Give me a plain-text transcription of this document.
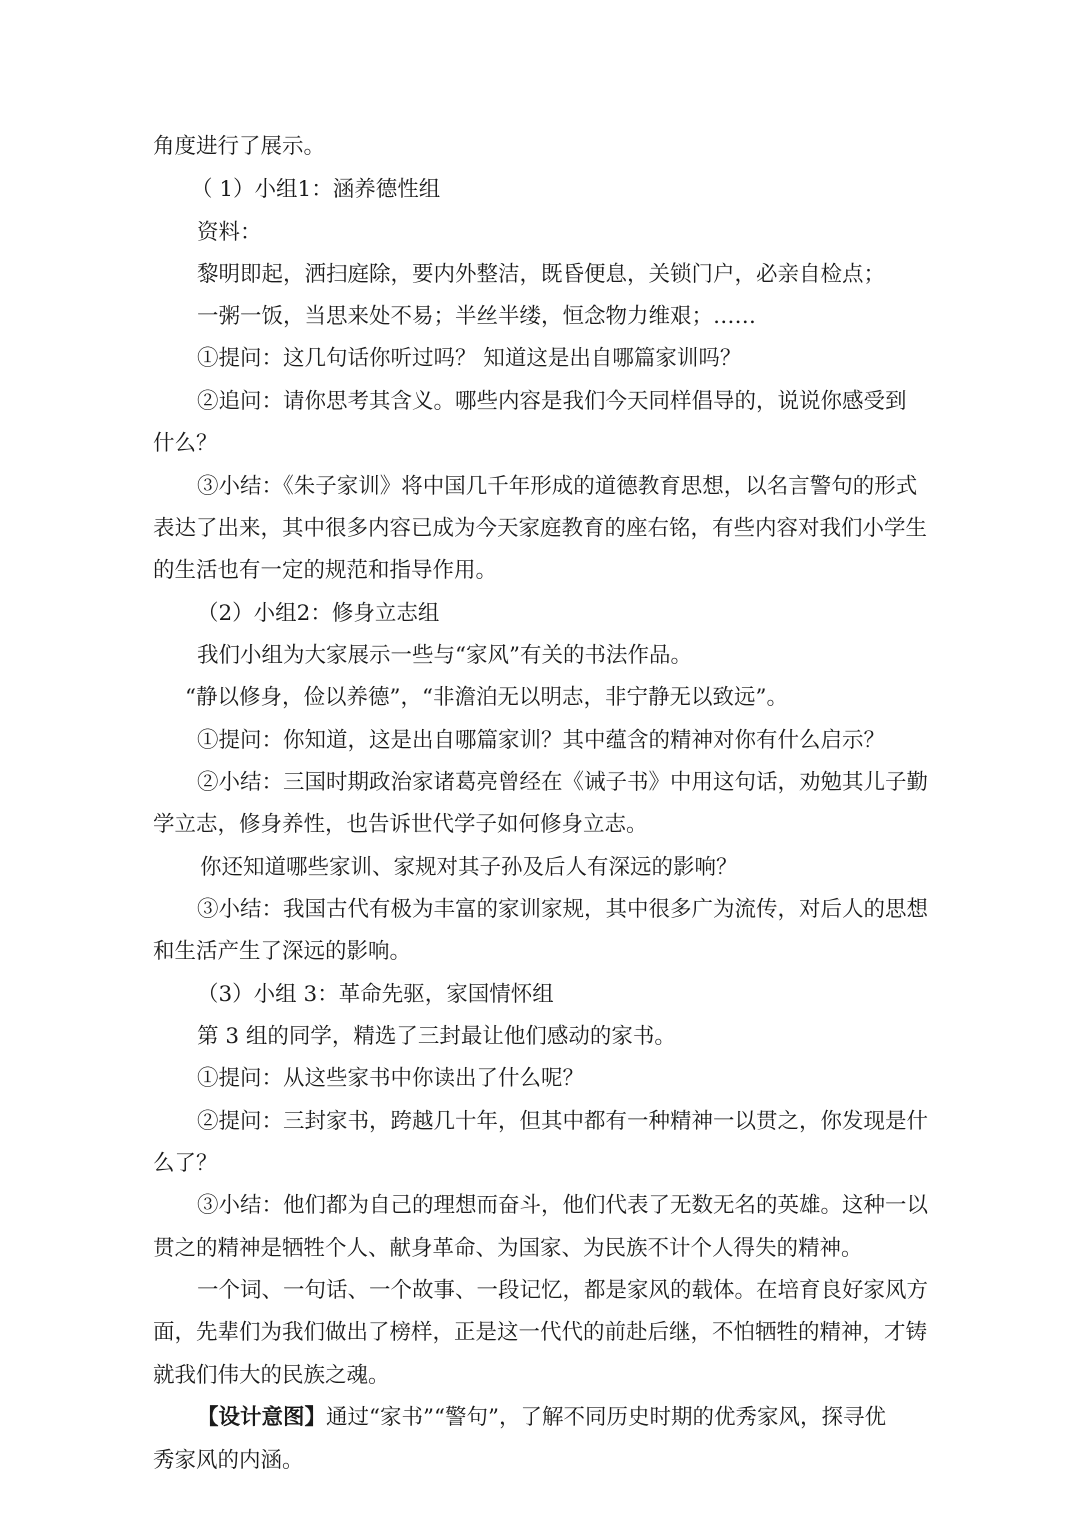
角度进行了展示。
（ 1）小组1：涵养德性组
资料：
黎明即起，洒扫庭除，要内外整洁，既昏便息，关锁门户，必亲自检点；
一粥一饭，当思来处不易；半丝半缕，恒念物力维艰；……
①提问：这几句话你听过吗？ 知道这是出自哪篇家训吗？
②追问：请你思考其含义。哪些内容是我们今天同样倡导的，说说你感受到
什么？
③小结：《朱子家训》将中国几千年形成的道德教育思想，以名言警句的形式
表达了出来，其中很多内容已成为今天家庭教育的座右铭，有些内容对我们小学生
的生活也有一定的规范和指导作用。
（2）小组2：修身立志组
我们小组为大家展示一些与“家风”有关的书法作品。
“静以修身，俭以养德”，“非澹泊无以明志，非宁静无以致远”。
①提问：你知道，这是出自哪篇家训？其中蕴含的精神对你有什么启示？
②小结：三国时期政治家诸葛亮曾经在《诫子书》中用这句话，劝勉其儿子勤
学立志，修身养性，也告诉世代学子如何修身立志。
你还知道哪些家训、家规对其子孙及后人有深远的影响？
③小结：我国古代有极为丰富的家训家规，其中很多广为流传，对后人的思想
和生活产生了深远的影响。
（3）小组 3：革命先驱，家国情怀组
第 3 组的同学，精选了三封最让他们感动的家书。
①提问：从这些家书中你读出了什么呢？
②提问：三封家书，跨越几十年，但其中都有一种精神一以贯之，你发现是什
么了？
③小结：他们都为自己的理想而奋斗，他们代表了无数无名的英雄。这种一以
贯之的精神是牺牲个人、献身革命、为国家、为民族不计个人得失的精神。
一个词、一句话、一个故事、一段记忆，都是家风的载体。在培育良好家风方
面，先辈们为我们做出了榜样，正是这一代代的前赴后继，不怕牺牲的精神，才铸
就我们伟大的民族之魂。
【设计意图】通过“家书”“警句”，了解不同历史时期的优秀家风，探寻优
秀家风的内涵。
